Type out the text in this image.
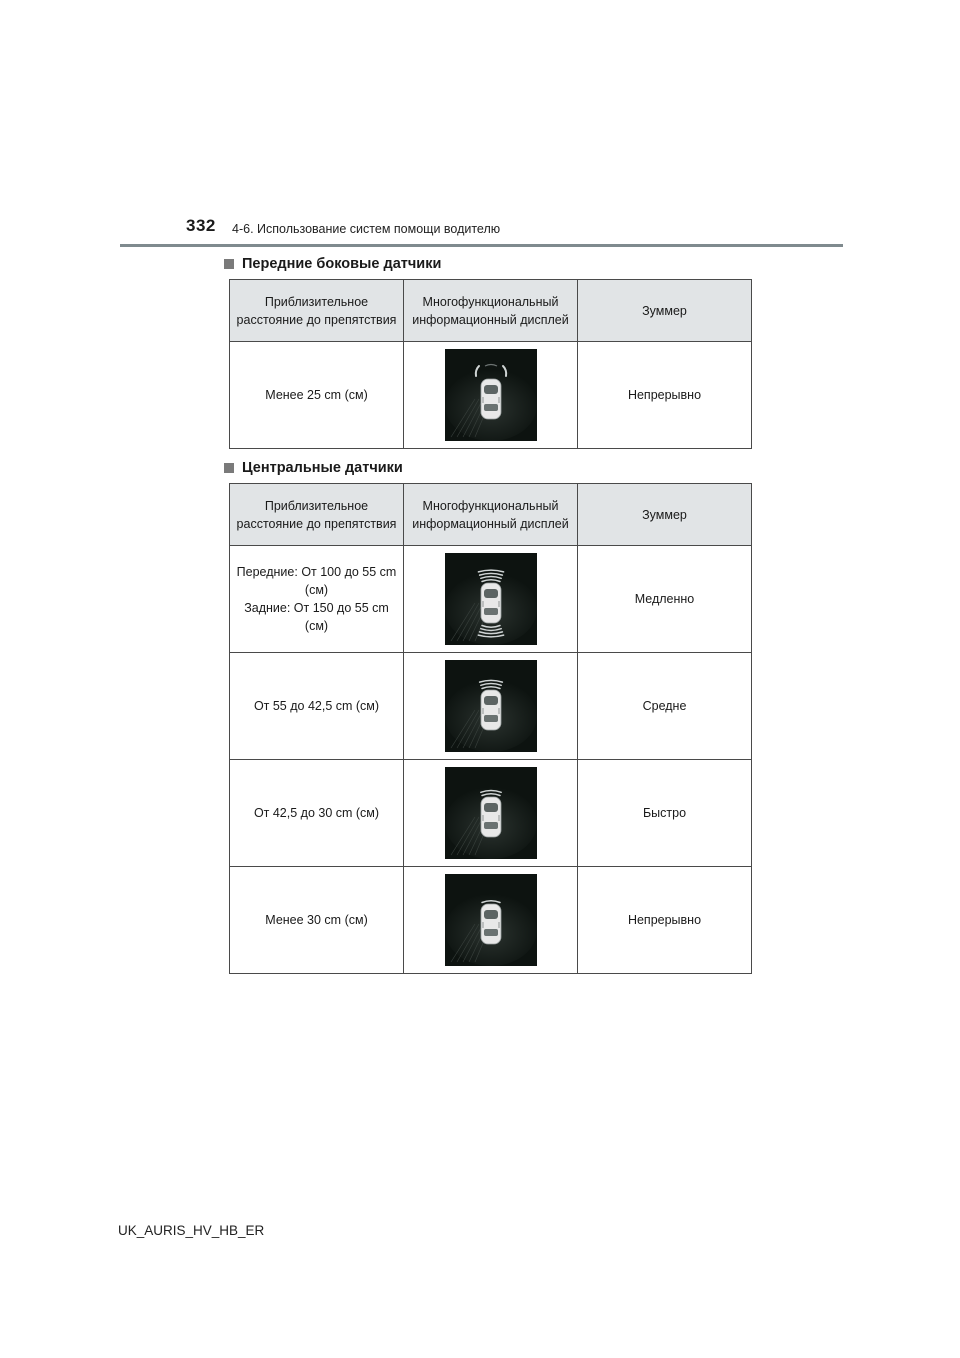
332 4-6. Использование систем помощи водителю
Передние боковые датчики
Приблизительное расстояние до препятствия	Многофункциональный информационный дисплей	Зуммер
Менее 25 cm (см)		Непрерывно
Центральные датчики
Приблизительное расстояние до препятствия	Многофункциональный информационный дисплей	Зуммер

Передние: От 100 до 55 cm (см)
Задние: От 150 до 55 cm (см)		Медленно
От 55 до 42,5 cm (см)		Средне
От 42,5 до 30 cm (см)		Быстро
Менее 30 cm (см)		Непрерывно
UK_AURIS_HV_HB_ER
